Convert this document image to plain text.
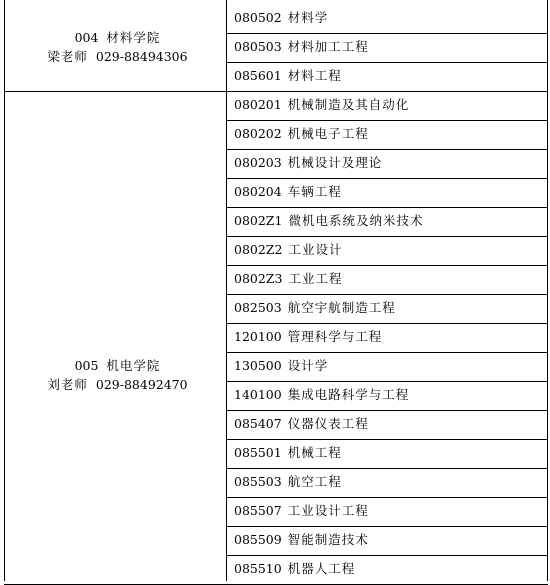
004 材料学院
梁老师 029-88494306
005 机电学院
刘老师 029-88492470
080502 材料学
080503 材料加工工程
085601 材料工程
080201 机械制造及其自动化
080202 机械电子工程
080203 机械设计及理论
080204 车辆工程
0802Z1 微机电系统及纳米技术
0802Z2 工业设计
0802Z3 工业工程
082503 航空宇航制造工程
120100 管理科学与工程
130500 设计学
140100 集成电路科学与工程
085407 仪器仪表工程
085501 机械工程
085503 航空工程
085507 工业设计工程
085509 智能制造技术
085510 机器人工程
